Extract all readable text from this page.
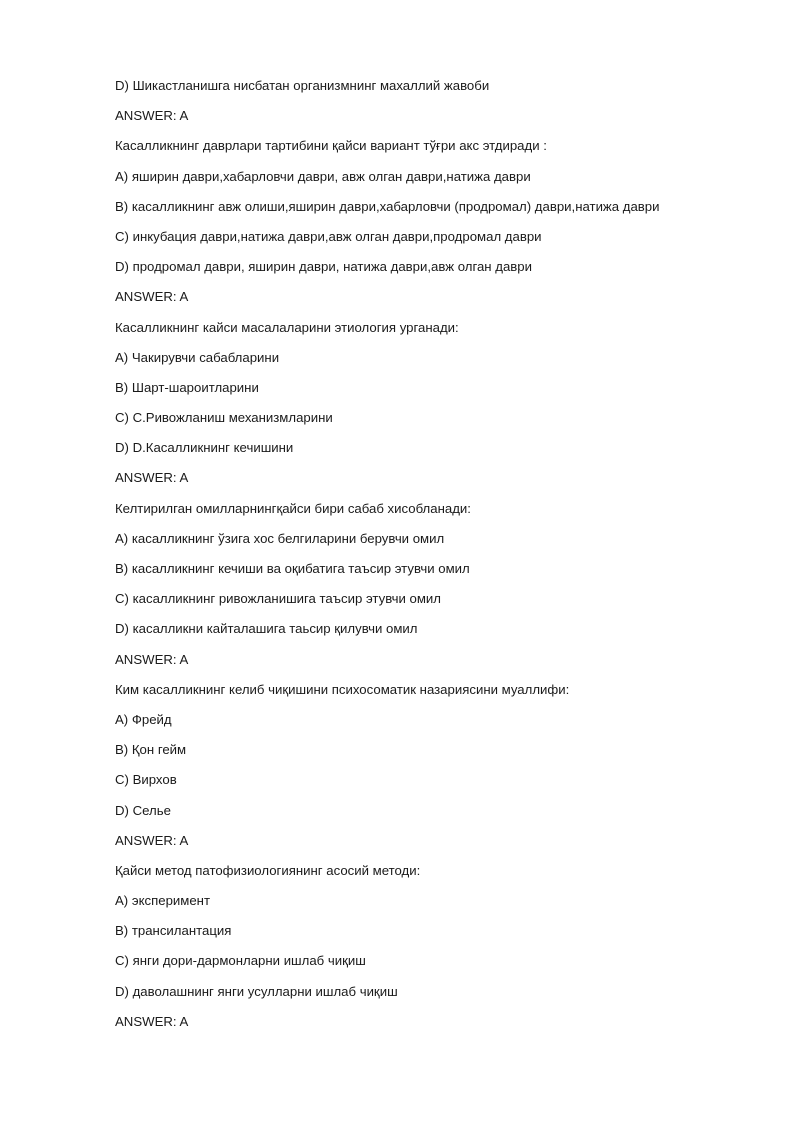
D) Шикастланишга нисбатан организмнинг махаллий жавоби
ANSWER: A
Касалликнинг даврлари тартибини қайси вариант тўғри акс этдиради :
A) яширин даври,хабарловчи даври, авж олган даври,натижа даври
B) касалликнинг авж олиши,яширин даври,хабарловчи (продромал) даври,натижа даври
C) инкубация даври,натижа даври,авж олган даври,продромал даври
D) продромал даври, яширин даври, натижа даври,авж олган даври
ANSWER: A
Касалликнинг кайси масалаларини этиология урганади:
A) Чакирувчи сабабларини
B) Шарт-шароитларини
C) C.Ривожланиш механизмларини
D) D.Касалликнинг кечишини
ANSWER: A
Келтирилган омилларнингқайси бири сабаб хисобланади:
A) касалликнинг ўзига хос белгиларини берувчи омил
B) касалликнинг кечиши ва оқибатига таъсир этувчи омил
C) касалликнинг ривожланишига таъсир этувчи омил
D) касалликни кайталашига таьсир қилувчи омил
ANSWER: A
Ким касалликнинг келиб чиқишини психосоматик назариясини муаллифи:
A) Фрейд
B) Қон гейм
C) Вирхов
D) Селье
ANSWER: A
Қайси метод патофизиологиянинг асосий методи:
A) эксперимент
B) трансилантация
C) янги дори-дармонларни ишлаб чиқиш
D) даволашнинг янги усулларни ишлаб чиқиш
ANSWER: A
